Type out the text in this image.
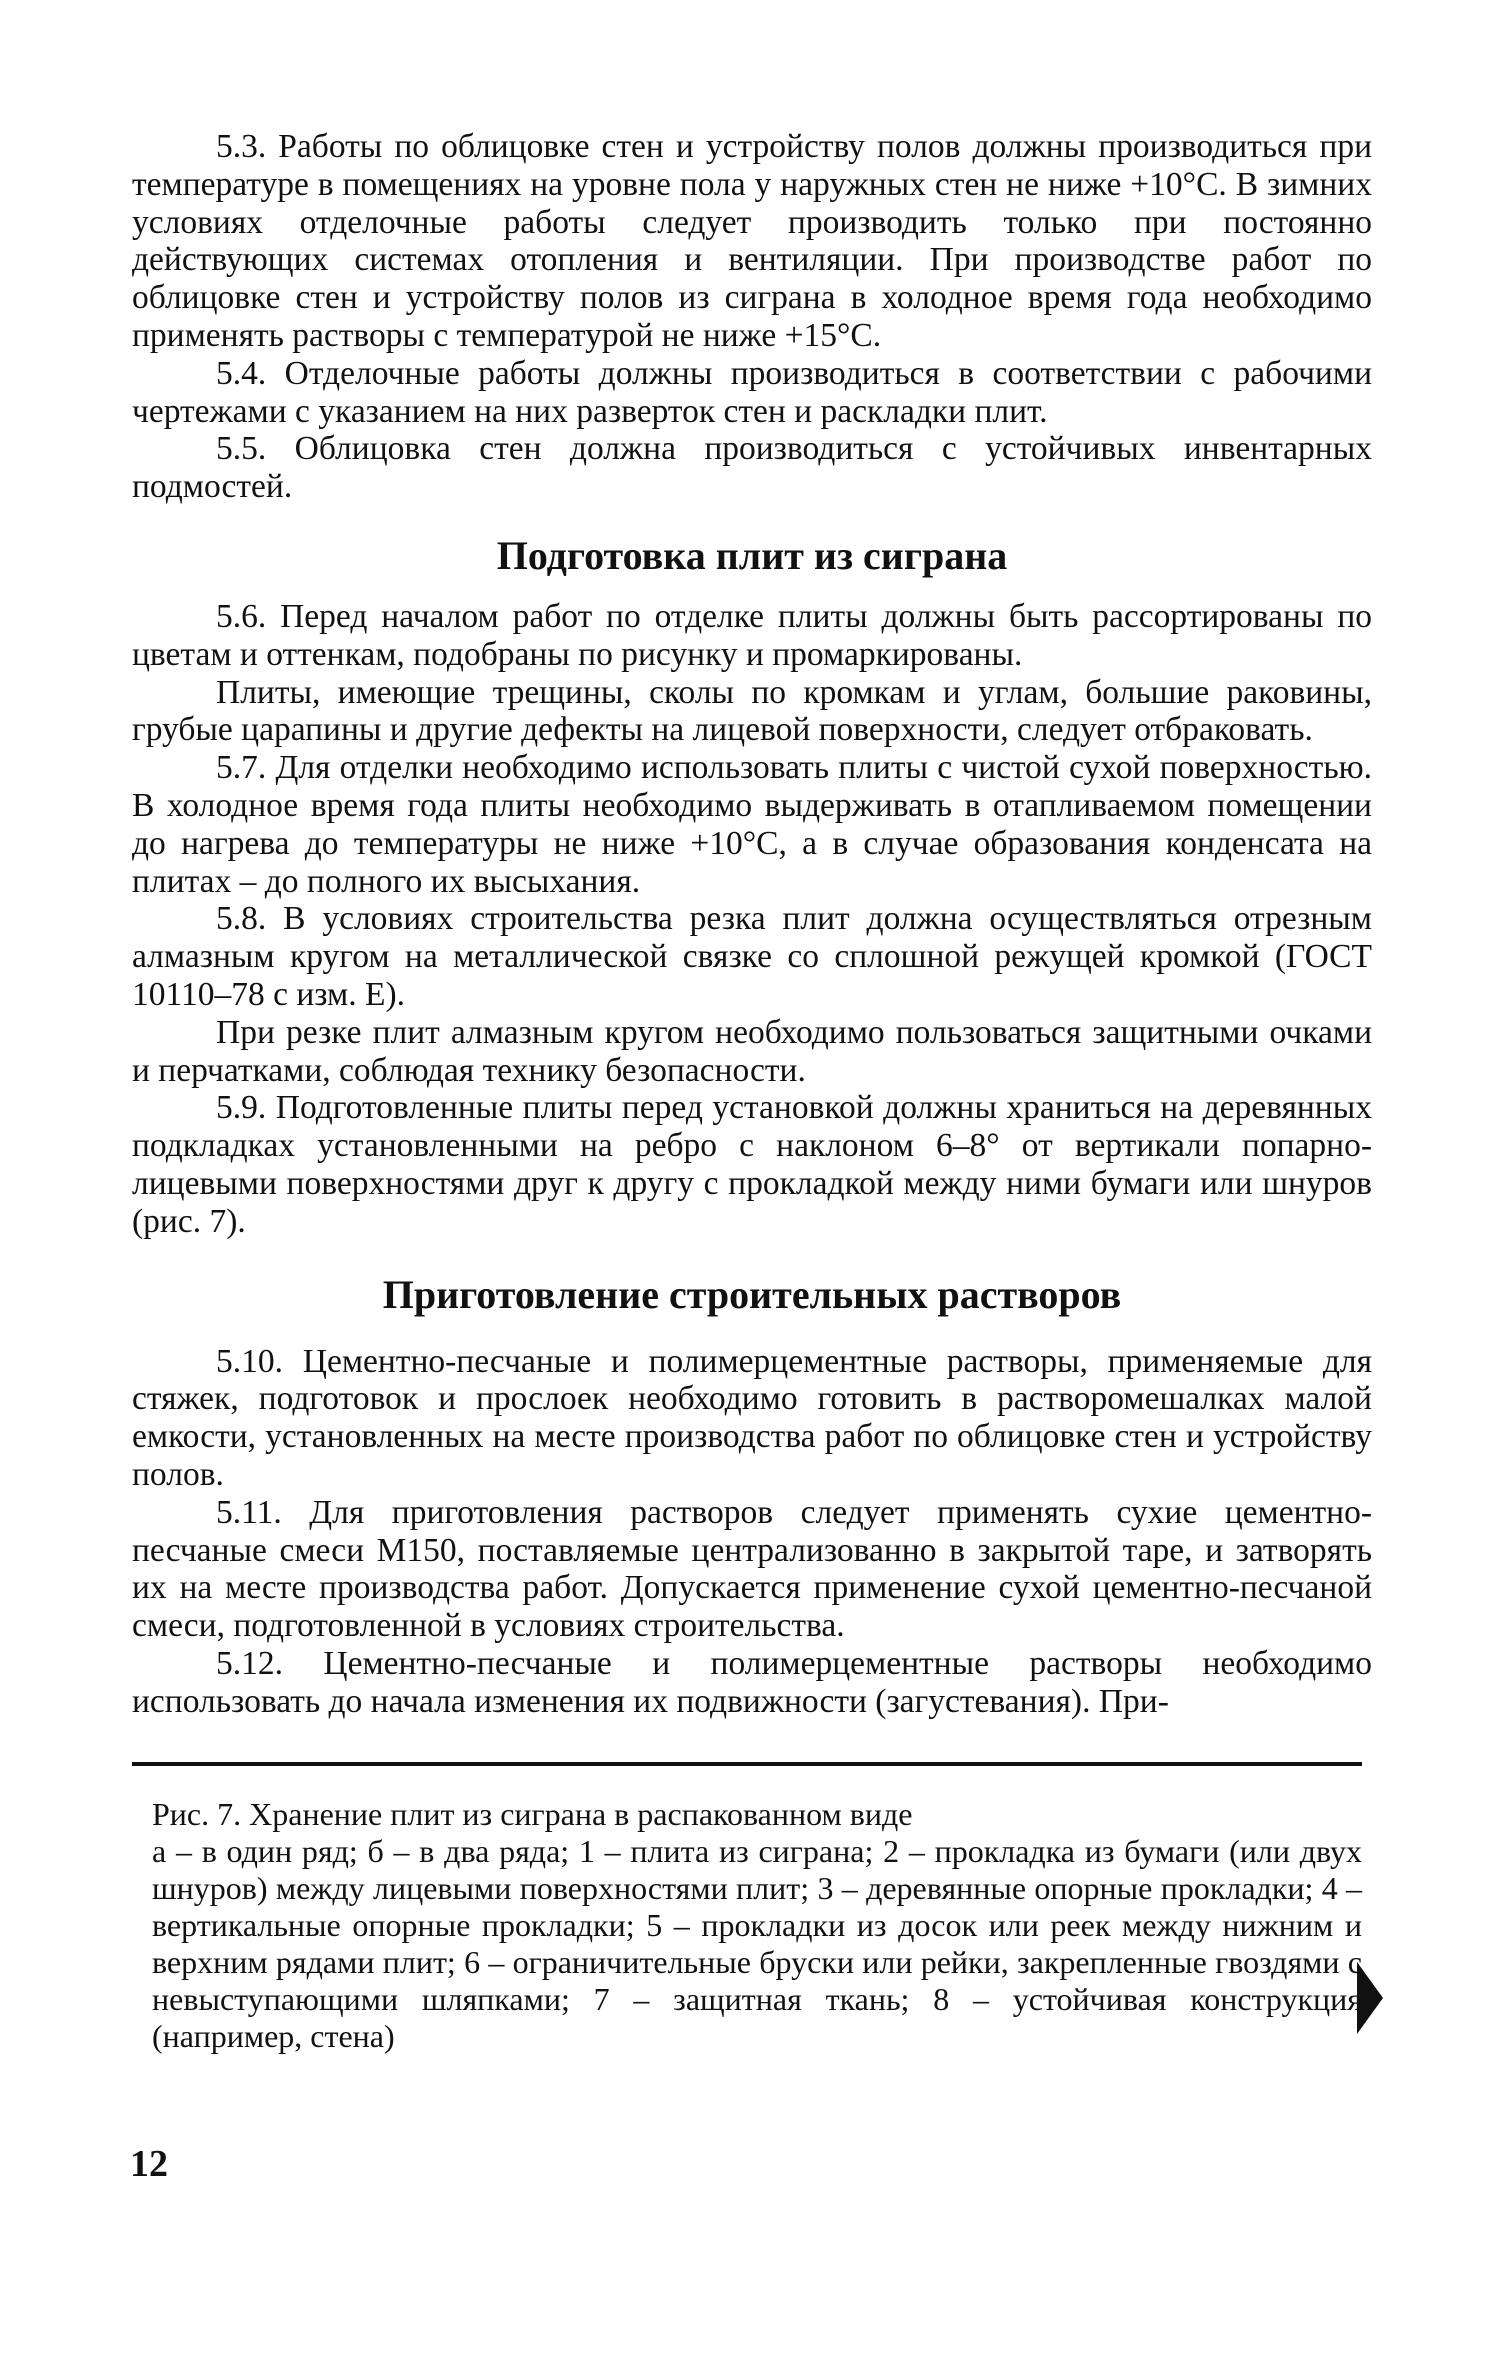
5.3. Работы по облицовке стен и устройству полов должны производиться при температуре в помещениях на уровне пола у наружных стен не ниже +10°С. В зимних условиях отделочные работы следует производить только при постоянно действующих системах отопления и вентиляции. При производстве работ по облицовке стен и устройству полов из сиграна в холодное время года необходимо применять растворы с температурой не ниже +15°С.

5.4. Отделочные работы должны производиться в соответствии с рабочими чертежами с указанием на них разверток стен и раскладки плит.

5.5. Облицовка стен должна производиться с устойчивых инвентарных подмостей.

Подготовка плит из сиграна

5.6. Перед началом работ по отделке плиты должны быть рассортированы по цветам и оттенкам, подобраны по рисунку и промаркированы.

Плиты, имеющие трещины, сколы по кромкам и углам, большие раковины, грубые царапины и другие дефекты на лицевой поверхности, следует отбраковать.

5.7. Для отделки необходимо использовать плиты с чистой сухой поверхностью. В холодное время года плиты необходимо выдерживать в отапливаемом помещении до нагрева до температуры не ниже +10°С, а в случае образования конденсата на плитах – до полного их высыхания.

5.8. В условиях строительства резка плит должна осуществляться отрезным алмазным кругом на металлической связке со сплошной режущей кромкой (ГОСТ 10110–78 с изм. Е).

При резке плит алмазным кругом необходимо пользоваться защитными очками и перчатками, соблюдая технику безопасности.

5.9. Подготовленные плиты перед установкой должны храниться на деревянных подкладках установленными на ребро с наклоном 6–8° от вертикали попарно-лицевыми поверхностями друг к другу с прокладкой между ними бумаги или шнуров (рис. 7).

Приготовление строительных растворов

5.10. Цементно-песчаные и полимерцементные растворы, применяемые для стяжек, подготовок и прослоек необходимо готовить в растворомешалках малой емкости, установленных на месте производства работ по облицовке стен и устройству полов.

5.11. Для приготовления растворов следует применять сухие цементно-песчаные смеси М150, поставляемые централизованно в закрытой таре, и затворять их на месте производства работ. Допускается применение сухой цементно-песчаной смеси, подготовленной в условиях строительства.

5.12. Цементно-песчаные и полимерцементные растворы необходимо использовать до начала изменения их подвижности (загустевания). При-

Рис. 7. Хранение плит из сиграна в распакованном виде

а – в один ряд; б – в два ряда; 1 – плита из сиграна; 2 – прокладка из бумаги (или двух шнуров) между лицевыми поверхностями плит; 3 – деревянные опорные прокладки; 4 – вертикальные опорные прокладки; 5 – прокладки из досок или реек между нижним и верхним рядами плит; 6 – ограничительные бруски или рейки, закрепленные гвоздями с невыступающими шляпками; 7 – защитная ткань; 8 – устойчивая конструкция (например, стена)

12
